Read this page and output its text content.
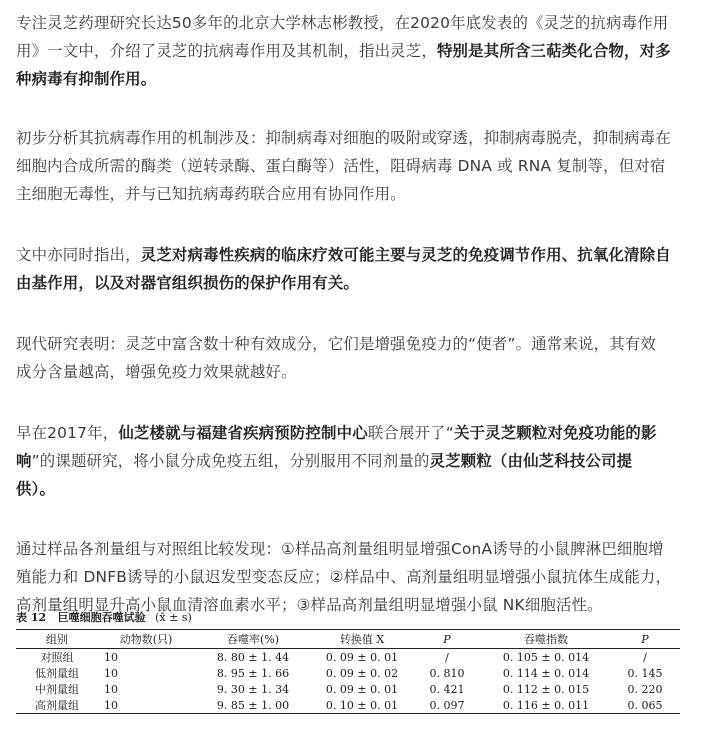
专注灵芝药理研究长达50多年的北京大学林志彬教授，在2020年底发表的《灵芝的抗病毒作用
用》一文中，介绍了灵芝的抗病毒作用及其机制，指出灵芝，特别是其所含三萜类化合物，对多
种病毒有抑制作用。

初步分析其抗病毒作用的机制涉及：抑制病毒对细胞的吸附或穿透，抑制病毒脱壳，抑制病毒在
细胞内合成所需的酶类（逆转录酶、蛋白酶等）活性，阻碍病毒 DNA 或 RNA 复制等，但对宿
主细胞无毒性，并与已知抗病毒药联合应用有协同作用。

文中亦同时指出，灵芝对病毒性疾病的临床疗效可能主要与灵芝的免疫调节作用、抗氧化清除自
由基作用，以及对器官组织损伤的保护作用有关。

现代研究表明：灵芝中富含数十种有效成分，它们是增强免疫力的“使者”。通常来说，其有效
成分含量越高，增强免疫力效果就越好。

早在2017年，仙芝楼就与福建省疾病预防控制中心联合展开了“关于灵芝颗粒对免疫功能的影
响”的课题研究，将小鼠分成免疫五组，分别服用不同剂量的灵芝颗粒（由仙芝科技公司提
供）。

通过样品各剂量组与对照组比较发现：①样品高剂量组明显增强ConA诱导的小鼠脾淋巴细胞增
殖能力和 DNFB诱导的小鼠迟发型变态反应；②样品中、高剂量组明显增强小鼠抗体生成能力，
高剂量组明显升高小鼠血清溶血素水平；③样品高剂量组明显增强小鼠 NK细胞活性。

表 12 巨噬细胞吞噬试验 (x̄ ± s)
组别	动物数(只)	吞噬率(%)	转换值 X	P	吞噬指数	P
对照组	10	8. 80 ± 1. 44	0. 09 ± 0. 01	/	0. 105 ± 0. 014	/
低剂量组	10	8. 95 ± 1. 66	0. 09 ± 0. 02	0. 810	0. 114 ± 0. 014	0. 145
中剂量组	10	9. 30 ± 1. 34	0. 09 ± 0. 01	0. 421	0. 112 ± 0. 015	0. 220
高剂量组	10	9. 85 ± 1. 00	0. 10 ± 0. 01	0. 097	0. 116 ± 0. 011	0. 065
